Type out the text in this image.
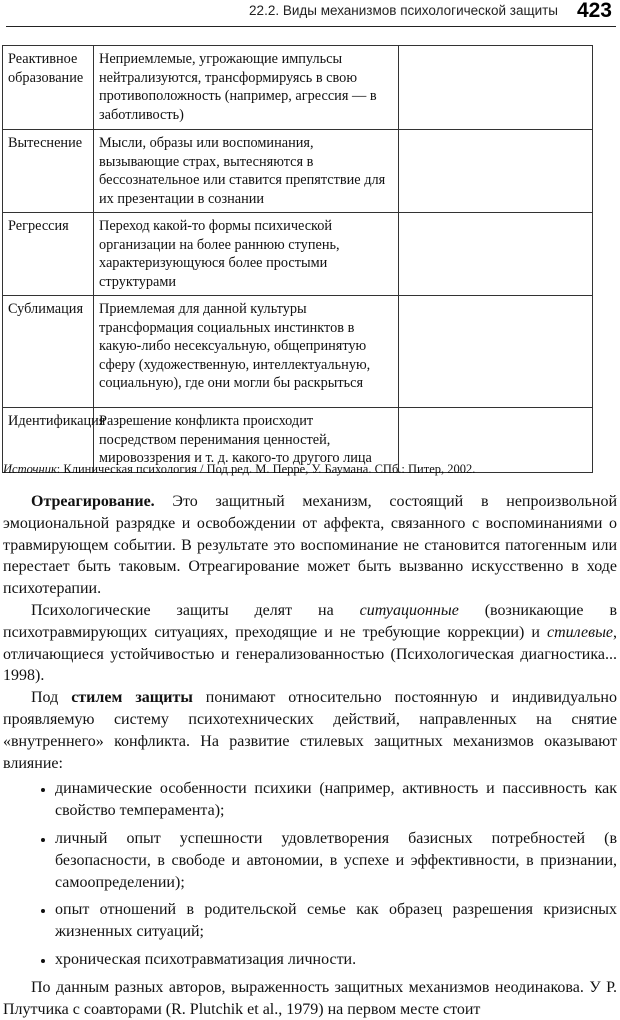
22.2. Виды механизмов психологической защиты 423
Реактивное образование	Неприемлемые, угрожающие импульсы нейтрализуются, трансформируясь в свою противоположность (например, агрессия — в заботливость)	
Вытеснение	Мысли, образы или воспоминания, вызывающие страх, вытесняются в бессознательное или ставится препятствие для их презентации в сознании	
Регрессия	Переход какой-то формы психической организации на более раннюю ступень, характеризующуюся более простыми структурами	
Сублимация	Приемлемая для данной культуры трансформация социальных инстинктов в какую-либо несексуальную, общепринятую сферу (художественную, интеллектуальную, социальную), где они могли бы раскрыться	
Идентификация	Разрешение конфликта происходит посредством перенимания ценностей, мировоззрения и т. д. какого-то другого лица	
Источник: Клиническая психология / Под ред. М. Перре, У. Баумана. СПб.: Питер, 2002.

Отреагирование. Это защитный механизм, состоящий в непроизвольной эмоциональной разрядке и освобождении от аффекта, связанного с воспоминаниями о травмирующем событии. В результате это воспоминание не становится патогенным или перестает быть таковым. Отреагирование может быть вызванно искусственно в ходе психотерапии.

Психологические защиты делят на ситуационные (возникающие в психотравмирующих ситуациях, преходящие и не требующие коррекции) и стилевые, отличающиеся устойчивостью и генерализованностью (Психологическая диагностика... 1998).

Под стилем защиты понимают относительно постоянную и индивидуально проявляемую систему психотехнических действий, направленных на снятие «внутреннего» конфликта. На развитие стилевых защитных механизмов оказывают влияние:

• динамические особенности психики (например, активность и пассивность как свойство темперамента);
• личный опыт успешности удовлетворения базисных потребностей (в безопасности, в свободе и автономии, в успехе и эффективности, в признании, самоопределении);
• опыт отношений в родительской семье как образец разрешения кризисных жизненных ситуаций;
• хроническая психотравматизация личности.

По данным разных авторов, выраженность защитных механизмов неодинакова. У Р. Плутчика с соавторами (R. Plutchik et al., 1979) на первом месте стоит
